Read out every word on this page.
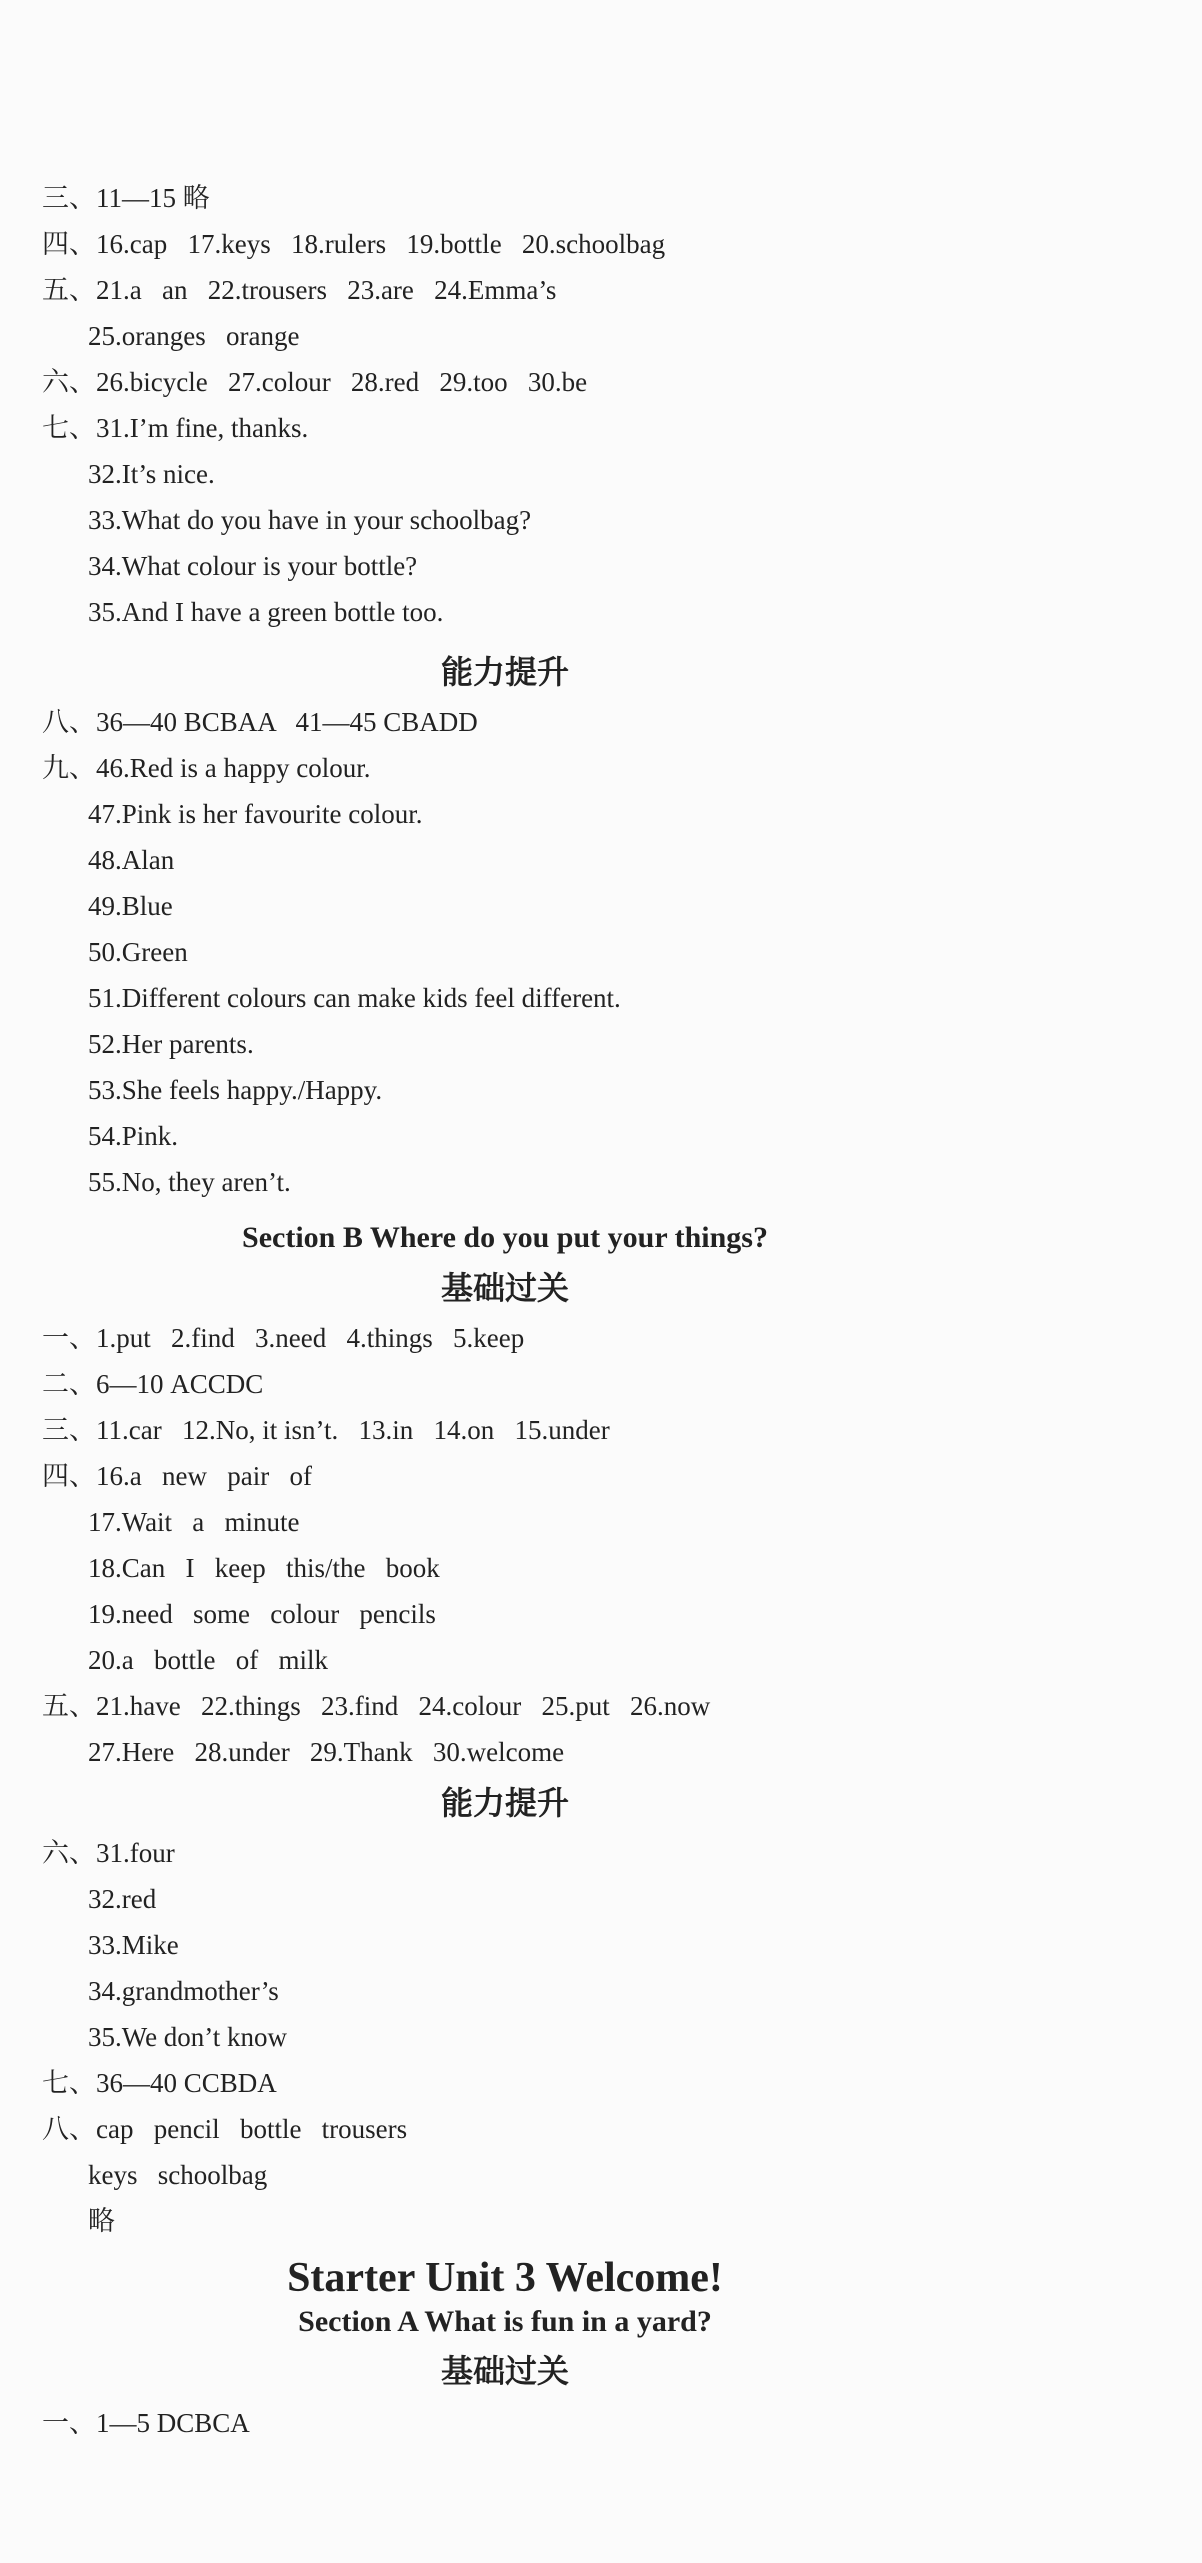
三、11—15 略

四、16.cap   17.keys   18.rulers   19.bottle   20.schoolbag

五、21.a   an   22.trousers   23.are   24.Emma’s

25.oranges   orange

六、26.bicycle   27.colour   28.red   29.too   30.be

七、31.I’m fine, thanks.

32.It’s nice.

33.What do you have in your schoolbag?

34.What colour is your bottle?

35.And I have a green bottle too.

能力提升

八、36—40 BCBAA   41—45 CBADD

九、46.Red is a happy colour.

47.Pink is her favourite colour.

48.Alan

49.Blue

50.Green

51.Different colours can make kids feel different.

52.Her parents.

53.She feels happy./Happy.

54.Pink.

55.No, they aren’t.

Section B Where do you put your things?
基础过关

一、1.put   2.find   3.need   4.things   5.keep

二、6—10 ACCDC

三、11.car   12.No, it isn’t.   13.in   14.on   15.under

四、16.a   new   pair   of

17.Wait   a   minute

18.Can   I   keep   this/the   book

19.need   some   colour   pencils

20.a   bottle   of   milk

五、21.have   22.things   23.find   24.colour   25.put   26.now

27.Here   28.under   29.Thank   30.welcome

能力提升

六、31.four

32.red

33.Mike

34.grandmother’s

35.We don’t know

七、36—40 CCBDA

八、cap   pencil   bottle   trousers

keys   schoolbag

略

Starter Unit 3 Welcome!
Section A What is fun in a yard?
基础过关

一、1—5 DCBCA
